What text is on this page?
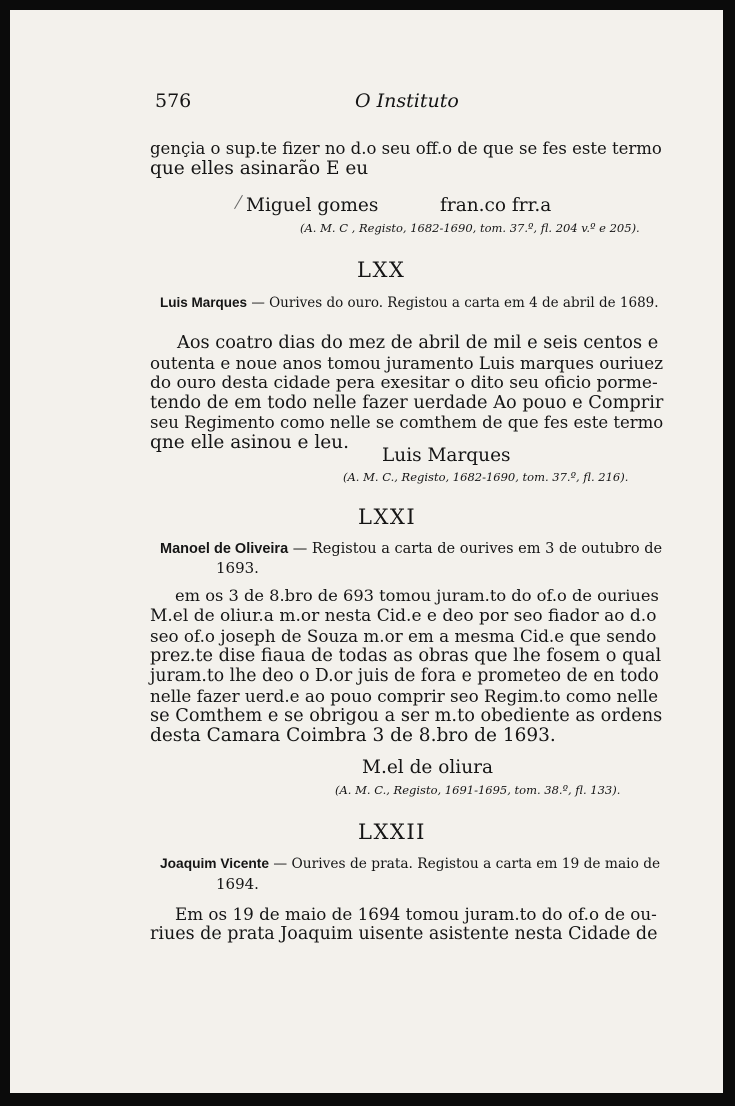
576	O Instituto
gençia o sup.te fizer no d.o seu off.o de que se fes este termo
que elles asinarão E eu
Miguel gomes	fran.co frr.a
(A. M. C , Registo, 1682-1690, tom. 37.º, fl. 204 v.º e 205).
LXX
Luis Marques — Ourives do ouro. Registou a carta em 4 de abril de 1689.
Aos coatro dias do mez de abril de mil e seis centos e
outenta e noue anos tomou juramento Luis marques ouriuez
do ouro desta cidade pera exesitar o dito seu oficio porme-
tendo de em todo nelle fazer uerdade Ao pouo e Comprir
seu Regimento como nelle se comthem de que fes este termo
qne elle asinou e leu.
Luis Marques
(A. M. C., Registo, 1682-1690, tom. 37.º, fl. 216).
LXXI
Manoel de Oliveira — Registou a carta de ourives em 3 de outubro de
1693.
em os 3 de 8.bro de 693 tomou juram.to do of.o de ouriues
M.el de oliur.a m.or nesta Cid.e e deo por seo fiador ao d.o
seo of.o joseph de Souza m.or em a mesma Cid.e que sendo
prez.te dise fiaua de todas as obras que lhe fosem o qual
juram.to lhe deo o D.or juis de fora e prometeo de en todo
nelle fazer uerd.e ao pouo comprir seo Regim.to como nelle
se Comthem e se obrigou a ser m.to obediente as ordens
desta Camara Coimbra 3 de 8.bro de 1693.
M.el de oliura
(A. M. C., Registo, 1691-1695, tom. 38.º, fl. 133).
LXXII
Joaquim Vicente — Ourives de prata. Registou a carta em 19 de maio de
1694.
Em os 19 de maio de 1694 tomou juram.to do of.o de ou-
riues de prata Joaquim uisente asistente nesta Cidade de
